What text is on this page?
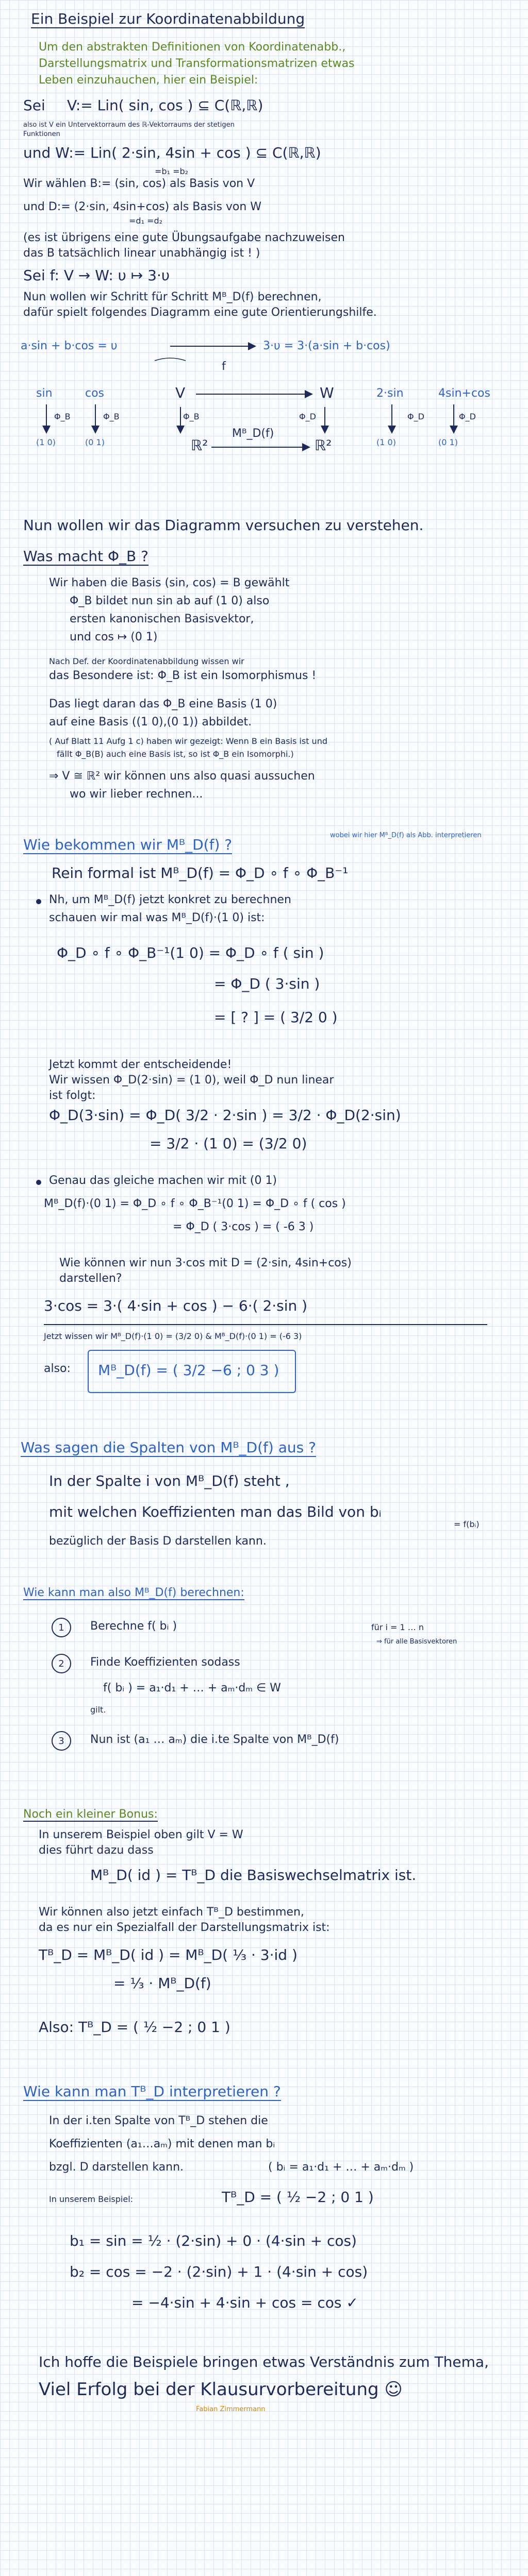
Ein Beispiel zur Koordinatenabbildung
Um den abstrakten Definitionen von Koordinatenabb.,
Darstellungsmatrix und Transformationsmatrizen etwas
Leben einzuhauchen, hier ein Beispiel:
Sei V:= Lin( sin, cos ) ⊆ C(ℝ,ℝ)
also ist V ein Untervektorraum des ℝ-Vektorraums der stetigen
Funktionen
und W:= Lin( 2·sin, 4sin + cos ) ⊆ C(ℝ,ℝ)
=b₁ =b₂
Wir wählen B:= (sin, cos) als Basis von V
und D:= (2·sin, 4sin+cos) als Basis von W
=d₁ =d₂
(es ist übrigens eine gute Übungsaufgabe nachzuweisen
das B tatsächlich linear unabhängig ist ! )
Sei f: V → W: υ ↦ 3·υ
Nun wollen wir Schritt für Schritt Mᴮ_D(f) berechnen,
dafür spielt folgendes Diagramm eine gute Orientierungshilfe.
a·sin + b·cos = υ	3·υ = 3·(a·sin + b·cos)
f
sin	cos	V	W	2·sin	4sin+cos
Φ_B	Φ_B	Φ_B	Φ_D	Φ_D	Φ_D
(1 0)	(0 1)	ℝ²
Mᴮ_D(f)
ℝ²	(1 0)	(0 1)
Nun wollen wir das Diagramm versuchen zu verstehen.
Was macht Φ_B ?
Wir haben die Basis (sin, cos) = B gewählt
Φ_B bildet nun sin ab auf (1 0) also
ersten kanonischen Basisvektor,
und cos ↦ (0 1)
Nach Def. der Koordinatenabbildung wissen wir
das Besondere ist: Φ_B ist ein Isomorphismus !
Das liegt daran das Φ_B eine Basis (1 0)
auf eine Basis ((1 0),(0 1)) abbildet.
( Auf Blatt 11 Aufg 1 c) haben wir gezeigt: Wenn B ein Basis ist und
fällt Φ_B(B) auch eine Basis ist, so ist Φ_B ein Isomorphi.)
⇒ V ≅ ℝ² wir können uns also quasi aussuchen
wo wir lieber rechnen...
Wie bekommen wir Mᴮ_D(f) ?
wobei wir hier Mᴮ_D(f) als Abb. interpretieren
Rein formal ist Mᴮ_D(f) = Φ_D ∘ f ∘ Φ_B⁻¹
Nh, um Mᴮ_D(f) jetzt konkret zu berechnen
schauen wir mal was Mᴮ_D(f)·(1 0) ist:
Φ_D ∘ f ∘ Φ_B⁻¹(1 0) = Φ_D ∘ f ( sin )
= Φ_D ( 3·sin )
= [ ? ] = ( 3/2 0 )
Jetzt kommt der entscheidende!
Wir wissen Φ_D(2·sin) = (1 0), weil Φ_D nun linear
ist folgt:
Φ_D(3·sin) = Φ_D( 3/2 · 2·sin ) = 3/2 · Φ_D(2·sin)
= 3/2 · (1 0) = (3/2 0)
Genau das gleiche machen wir mit (0 1)
Mᴮ_D(f)·(0 1) = Φ_D ∘ f ∘ Φ_B⁻¹(0 1) = Φ_D ∘ f ( cos )
= Φ_D ( 3·cos ) = ( -6 3 )
Wie können wir nun 3·cos mit D = (2·sin, 4sin+cos)
darstellen?
3·cos = 3·( 4·sin + cos ) − 6·( 2·sin )
Jetzt wissen wir Mᴮ_D(f)·(1 0) = (3/2 0) & Mᴮ_D(f)·(0 1) = (-6 3)
also: Mᴮ_D(f) = ( 3/2 −6 ; 0 3 )
Was sagen die Spalten von Mᴮ_D(f) aus ?
In der Spalte i von Mᴮ_D(f) steht ,
mit welchen Koeffizienten man das Bild von bᵢ
bezüglich der Basis D darstellen kann.
= f(bᵢ)
Wie kann man also Mᴮ_D(f) berechnen:
1	Berechne f( bᵢ )	für i = 1 … n
2	Finde Koeffizienten sodass
⇒ für alle Basisvektoren
f( bᵢ ) = a₁·d₁ + … + aₘ·dₘ ∈ W
gilt.
3	Nun ist (a₁ … aₘ) die i.te Spalte von Mᴮ_D(f)
Noch ein kleiner Bonus:
In unserem Beispiel oben gilt V = W
dies führt dazu dass
Mᴮ_D( id ) = Tᴮ_D die Basiswechselmatrix ist.
Wir können also jetzt einfach Tᴮ_D bestimmen,
da es nur ein Spezialfall der Darstellungsmatrix ist:
Tᴮ_D = Mᴮ_D( id ) = Mᴮ_D( ⅓ · 3·id )
= ⅓ · Mᴮ_D(f)
Also: Tᴮ_D = ( ½ −2 ; 0 1 )
Wie kann man Tᴮ_D interpretieren ?
In der i.ten Spalte von Tᴮ_D stehen die
Koeffizienten (a₁…aₘ) mit denen man bᵢ
bzgl. D darstellen kann.	( bᵢ = a₁·d₁ + … + aₘ·dₘ )
In unserem Beispiel:	Tᴮ_D = ( ½ −2 ; 0 1 )
b₁ = sin = ½ · (2·sin) + 0 · (4·sin + cos)
b₂ = cos = −2 · (2·sin) + 1 · (4·sin + cos)
= −4·sin + 4·sin + cos = cos ✓
Ich hoffe die Beispiele bringen etwas Verständnis zum Thema,
Viel Erfolg bei der Klausurvorbereitung ☺
Fabian Zimmermann
